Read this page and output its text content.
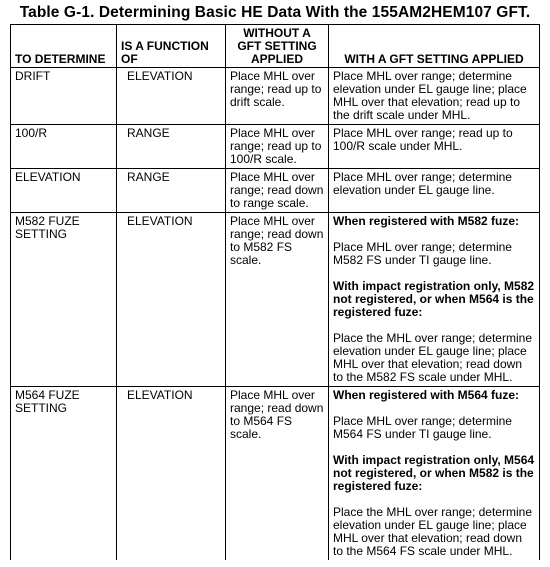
Table G-1. Determining Basic HE Data With the 155AM2HEM107 GFT.
TO DETERMINE	IS A FUNCTION OF	WITHOUT A GFT SETTING APPLIED	WITH A GFT SETTING APPLIED
DRIFT	ELEVATION	Place MHL over range; read up to drift scale.	Place MHL over range; determine elevation under EL gauge line; place MHL over that elevation; read up to the drift scale under MHL.

100/R	RANGE	Place MHL over range; read up to 100/R scale.	Place MHL over range; read up to 100/R scale under MHL.

ELEVATION	RANGE	Place MHL over range; read down to range scale.	Place MHL over range; determine elevation under EL gauge line.

M582 FUZE SETTING	ELEVATION	Place MHL over range; read down to M582 FS scale.	When registered with M582 fuze:
Place MHL over range; determine M582 FS under TI gauge line.
With impact registration only, M582 not registered, or when M564 is the registered fuze:
Place the MHL over range; determine elevation under EL gauge line; place MHL over that elevation; read down to the M582 FS scale under MHL.

M564 FUZE SETTING	ELEVATION	Place MHL over range; read down to M564 FS scale.	When registered with M564 fuze:
Place MHL over range; determine M564 FS under TI gauge line.
With impact registration only, M564 not registered, or when M582 is the registered fuze:
Place the MHL over range; determine elevation under EL gauge line; place MHL over that elevation; read down to the M564 FS scale under MHL.
